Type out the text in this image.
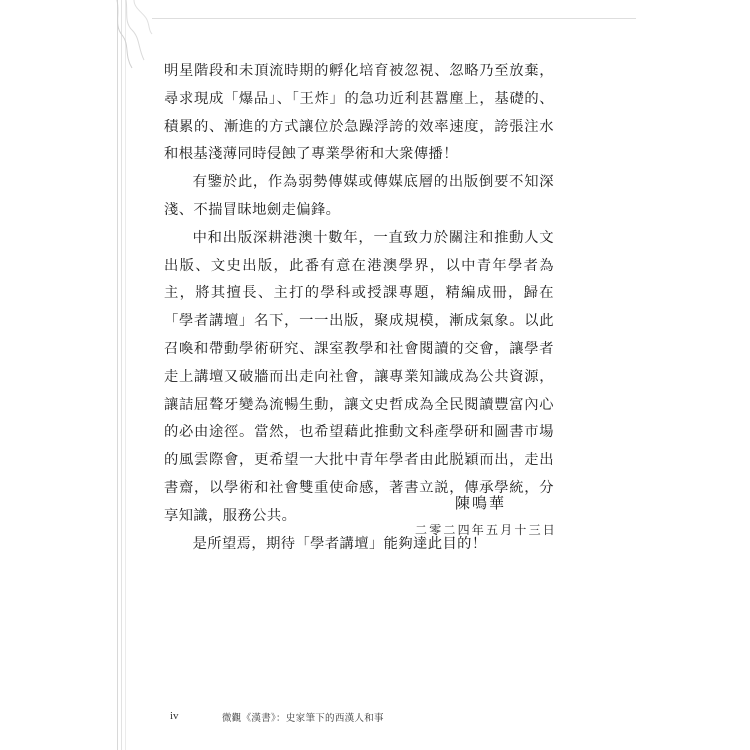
明星階段和未頂流時期的孵化培育被忽視、忽略乃至放棄，尋求現成「爆品」、「王炸」的急功近利甚囂塵上，基礎的、積累的、漸進的方式讓位於急躁浮誇的效率速度，誇張注水和根基淺薄同時侵蝕了專業學術和大衆傳播！

有鑒於此，作為弱勢傳媒或傳媒底層的出版倒要不知深淺、不揣冒昧地劍走偏鋒。

中和出版深耕港澳十數年，一直致力於關注和推動人文出版、文史出版，此番有意在港澳學界，以中青年學者為主，將其擅長、主打的學科或授課專題，精編成冊，歸在「學者講壇」名下，一一出版，聚成規模，漸成氣象。以此召喚和帶動學術研究、課室教學和社會閱讀的交會，讓學者走上講壇又破牆而出走向社會，讓專業知識成為公共資源，讓詰屈聱牙變為流暢生動，讓文史哲成為全民閱讀豐富內心的必由途徑。當然，也希望藉此推動文科產學研和圖書市場的風雲際會，更希望一大批中青年學者由此脱穎而出，走出書齋，以學術和社會雙重使命感，著書立説，傳承學統，分享知識，服務公共。

是所望焉，期待「學者講壇」能夠達此目的！

陳鳴華
二零二四年五月十三日
iv	微觀《漢書》：史家筆下的西漢人和事
